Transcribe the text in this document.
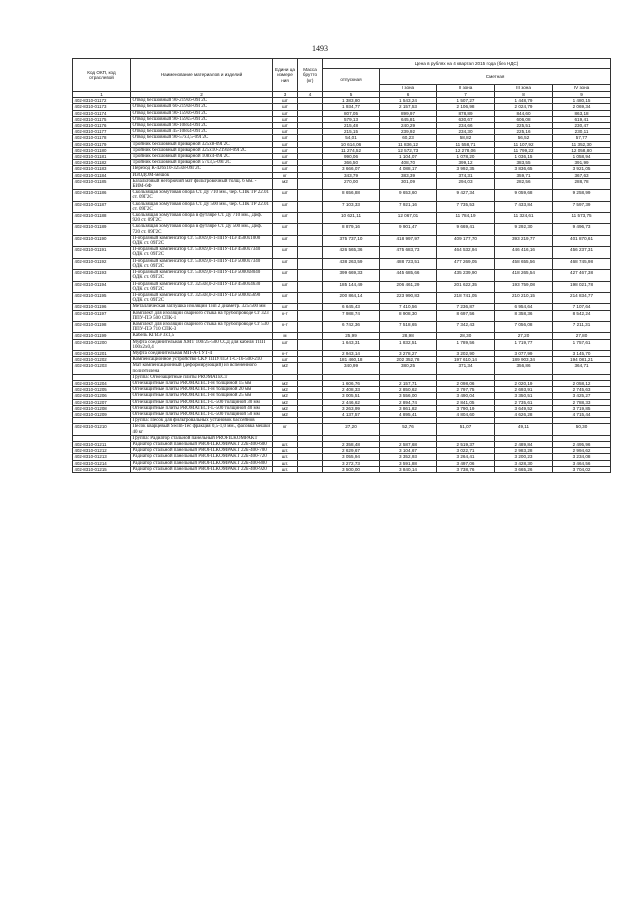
1493
Код ОКП, код отраслевой	Наименование материалов и изделий	Едини ца измере ния	Масса брутто (кг)	Цена в рублях на 4 квартал 2015 года (без НДС)				
				отпускная	Сметная			
					I зона	II зона	III зона	IV зона
1	2	3	4	5	6	7	8	9
402-8310-01172	Отвод бесшовный 90-219х6-09Г2С	шт		1 383,80	1 543,24	1 507,27	1 448,79	1 480,15
402-8310-01173	Отвод бесшовный 60-219х8-09Г2С	шт		1 934,77	2 157,53	2 106,98	2 024,79	2 069,34
402-8310-01174	Отвод бесшовный 90-159х6-09Г2С	шт		807,05	899,97	878,89	844,60	863,18
402-8310-01175	Отвод бесшовный 90-159х5-09Г2С	шт		579,13	645,81	630,67	606,08	619,41
402-8310-01176	Отвод бесшовный 90-108х4-09Г2С	шт		215,48	240,29	234,66	225,51	230,47
402-8310-01177	Отвод бесшовный 45-108х4-09Г2С	шт		215,15	239,92	234,30	225,16	230,11
402-8310-01178	Отвод бесшовный 90-57х3,5-09Г2С	шт		54,01	60,23	58,82	56,52	57,77
402-8310-01179	Тройник бесшовный приварной 325х8-09Г2С	шт		10 614,06	11 836,12	11 558,71	11 107,92	11 352,30
402-8310-01180	Тройник бесшовный приварной 325х10-219х8-09Г2С	шт		11 274,52	12 572,73	12 278,06	11 799,22	12 058,80
402-8310-01181	Тройник бесшовный приварной 108х4-09Г2С	шт		990,06	1 104,07	1 078,20	1 036,15	1 058,94
402-8310-01182	Тройник бесшовный приварной 57х3,5-09Г2С	шт		366,50	408,70	399,12	383,55	391,99
402-8310-01183	Переход К-426х10-325х8-09Г2С	шт		3 666,07	4 088,17	3 992,35	3 836,65	3 921,05
402-8310-01184	ИЗОДОМ-мешок	кг		343,79	383,39	374,31	359,71	367,63
402-8310-01185	Базальтовый негорючий мат фильтровочный толщ. 6 мм. - БИМ-6Ф	м2		270,00	301,09	294,03	282,56	288,78
402-8310-01186	Скользящая хомутовая опора Ст. Ду 710 мм., чер. СПК ТР 22.01 ст. 09Г2С	шт		8 656,88	9 653,60	9 427,34	9 059,68	9 258,99
402-8310-01187	Скользящая хомутовая опора Ст. Ду 500 мм., чер. СПК ТР 22.01 ст. 09Г2С	шт		7 103,33	7 921,16	7 735,53	7 433,84	7 597,39
402-8310-01188	Скользящая хомутовая опора в футляре Ст. Ду 710 мм., Диф. 920 ст. 09Г2С	шт		10 621,11	12 067,01	11 784,19	11 324,61	11 573,75
402-8310-01189	Скользящая хомутовая опора в футляре Ст. Ду 500 мм., Диф. 720 ст. 09Г2С	шт		8 879,16	9 901,47	9 669,41	9 292,30	9 496,73
402-8310-01190	П-образный компенсатор Ст. 530х9,0-1-ППУ-ПЭ 4500х1000 ОДК ст. 09Г2С	шт		375 737,10	418 997,97	409 177,70	393 219,77	401 870,61
402-8310-01191	П-образный компенсатор Ст. 530х9,0-1-ППУ-ПЭ 4500х7340 ОДК ст. 09Г2С	шт		426 565,36	475 683,73	464 532,94	446 416,16	456 237,31
402-8310-01192	П-образный компенсатор Ст. 530х9,0-1-ППУ-ПЭ 5000х7340 ОДК ст. 09Г2С	шт		438 263,59	488 723,51	477 269,05	458 655,56	468 745,98
402-8310-01193	П-образный компенсатор Ст. 530х9,0-1-ППУ-ПЭ 5000х8040 ОДК ст. 09Г2С	шт		399 669,33	445 685,66	435 239,90	418 265,54	427 467,38
402-8310-01194	П-образный компенсатор Ст. 325х8,0-2-ППУ-ПЭ 4500х4630 ОДК ст. 09Г2С	шт		185 144,49	206 461,29	201 622,35	193 759,08	198 021,78
402-8310-01195	П-образный компенсатор Ст. 325х8,0-2-ППУ-ПЭ 5000х5690 ОДК ст. 09Г2С	шт		200 864,14	223 990,83	218 741,05	210 210,15	214 834,77
402-8310-01196	Металлическая заглушка изоляции Тип 2 диаметр. 325/500 мм	шт		6 645,43	7 410,56	7 236,87	6 954,64	7 107,64
402-8310-01197	Комплект для изоляции сварного стыка на трубопроводе Ст 323 ППУ-ПЭ 500 СПК-1	к-т		7 988,74	8 908,30	8 697,56	8 358,36	8 542,24
402-8310-01198	Комплект для изоляции сварного стыка на трубопроводе Ст 530 ППУ-ПЭ 710 СПК-3	к-т		6 742,36	7 518,65	7 342,43	7 056,08	7 211,31
402-8310-01199	Кабель КГВЭ 3х1,5	м		25,99	28,98	28,30	27,20	27,80
402-8310-01200	Муфта соединительная ХМТ 100/25-500 ССД для кабеля ТПП 100х2х0,4	шт		1 643,31	1 832,51	1 789,56	1 719,77	1 757,61
402-8310-01201	Муфта соединительная МП-А-ТУТ-4	к-т		2 943,14	3 278,27	3 202,90	3 077,99	3 145,70
402-8310-01202	Компенсационное устройство СКУ ППУ/ПЭ 1-С-16-500-210	шт		181 460,18	202 352,78	197 610,14	189 903,34	194 081,21
402-8310-01203	Мат компенсационный (деформирующий) из вспененного полиэтилена	м2		340,99	380,25	371,34	356,86	364,71
	Группа: Огнезащитные плиты PROMATECT							
402-8310-01204	Огнезащитные плиты PROMATECT-H толщиной 15 мм	м2		1 606,76	2 157,71	2 098,06	2 020,19	2 058,12
402-8310-01205	Огнезащитные плиты PROMATECT-H толщиной 20 мм	м2		2 408,33	2 850,62	2 797,75	2 693,91	2 745,63
402-8310-01206	Огнезащитные плиты PROMATECT-H толщиной 25 мм	м2		3 005,51	3 556,00	3 490,04	3 350,51	3 425,27
402-8310-01207	Огнезащитные плиты PROMATECT-L-500 толщиной 30 мм	м2		2 446,62	2 894,74	2 841,05	2 735,61	2 788,33
402-8310-01208	Огнезащитные плиты PROMATECT-L-500 толщиной 40 мм	м2		3 263,99	3 861,82	3 790,19	3 649,52	3 719,85
402-8310-01209	Огнезащитные плиты PROMATECT-L-500 толщиной 50 мм	м2		4 137,57	4 895,41	4 804,60	4 626,28	4 715,44
	Группа: Песок для фильтровальных установок бассейнов							
402-8310-01210	Песок кварцевый Swim-Tec фракция 0,5-1,0 мм., фасовка мешки 40 кг	кг		27,20	52,76	51,07	49,11	50,30
	Группа: Радиатор стальной панельный PROFILKOMPAKT							
402-8310-01211	Радиатор стальной панельный PROFILKOMPAKT 22k-400-600	шт.		2 358,48	2 587,68	2 519,37	2 489,84	2 495,96
402-8310-01212	Радиатор стальной панельный PROFILKOMPAKT 22k-400-700	шт.		2 629,67	3 104,67	3 022,71	2 983,28	2 994,62
402-8310-01213	Радиатор стальной панельный PROFILKOMPAKT 22k-400-720	шт.		3 055,94	3 352,93	3 264,41	3 200,23	3 234,08
402-8310-01214	Радиатор стальной панельный PROFILKOMPAKT 22k-400-800	шт.		3 272,73	3 591,88	3 497,06	3 428,30	3 464,56
402-8310-01215	Радиатор стальной панельный PROFILKOMPAKT 22k-400-920	шт.		3 500,00	3 840,14	3 738,76	3 665,26	3 704,02
